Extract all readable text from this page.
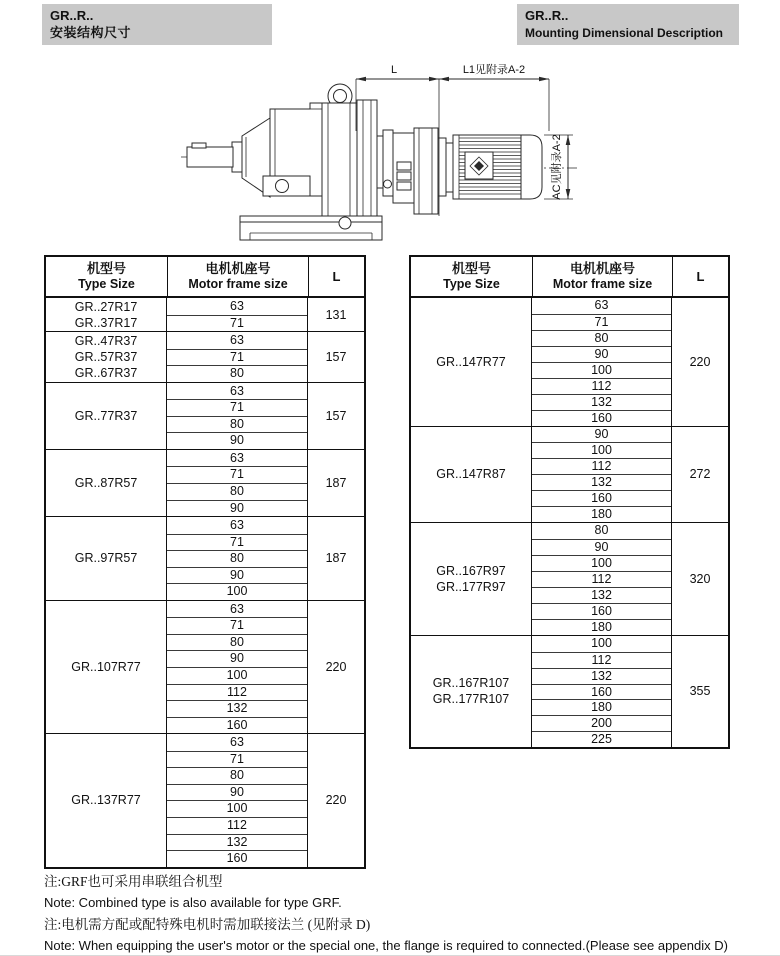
GR..R..
安装结构尺寸
GR..R..
Mounting Dimensional Description
L	L1见附录A-2
AC见附录A-2
机型号
Type Size
电机机座号
Motor frame size
L
GR..27R17
GR..37R17
63
71
131
GR..47R37
GR..57R37
GR..67R37
63
71
80
157
GR..77R37
63
71
80
90
157
GR..87R57
63
71
80
90
187
GR..97R57
63
71
80
90
100
187
GR..107R77
63
71
80
90
100
112
132
160
220
GR..137R77
63
71
80
90
100
112
132
160
220
机型号
Type Size
电机机座号
Motor frame size
L
GR..147R77
63
71
80
90
100
112
132
160
220
GR..147R87
90
100
112
132
160
180
272
GR..167R97
GR..177R97
80
90
100
112
132
160
180
320
GR..167R107
GR..177R107
100
112
132
160
180
200
225
355
注:GRF也可采用串联组合机型
Note: Combined type is also available for type GRF.
注:电机需方配或配特殊电机时需加联接法兰 (见附录 D)
Note: When equipping the user's motor or the special one, the flange is required to connected.(Please see appendix D)
